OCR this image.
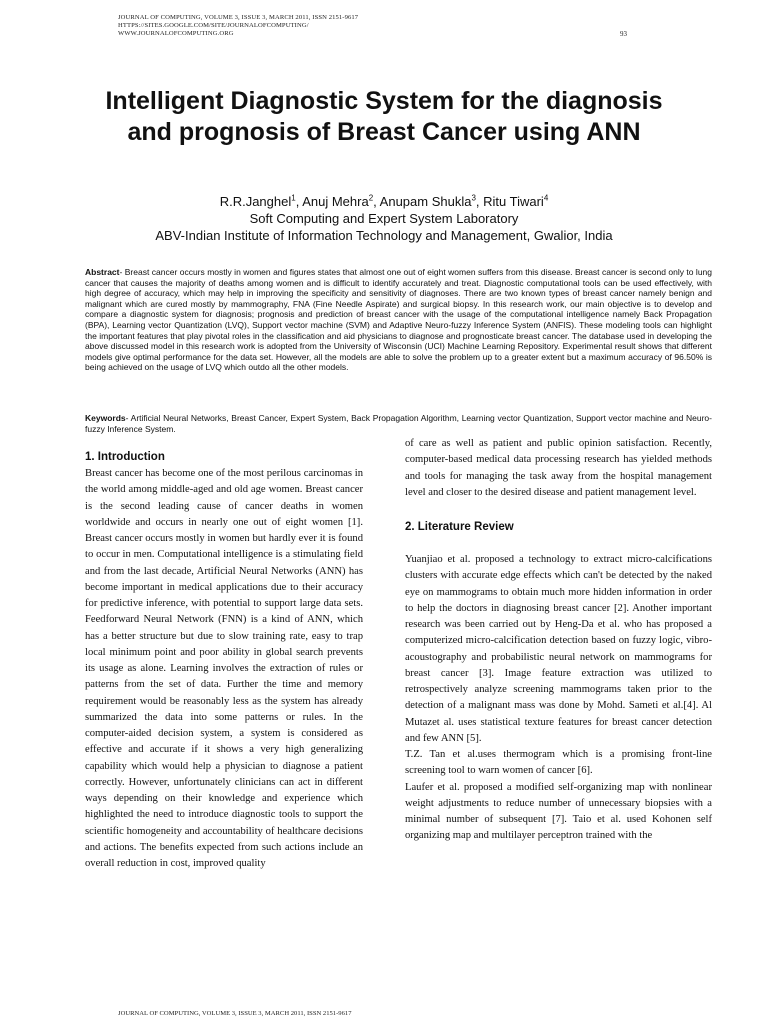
JOURNAL OF COMPUTING, VOLUME 3, ISSUE 3, MARCH 2011, ISSN 2151-9617
HTTPS://SITES.GOOGLE.COM/SITE/JOURNALOFCOMPUTING/
WWW.JOURNALOFCOMPUTING.ORG	93
Intelligent Diagnostic System for the diagnosis and prognosis of Breast Cancer using ANN
R.R.Janghel$^1$, Anuj Mehra$^2$, Anupam Shukla$^3$, Ritu Tiwari$^4$
Soft Computing and Expert System Laboratory
ABV-Indian Institute of Information Technology and Management, Gwalior, India

Abstract- Breast cancer occurs mostly in women and figures states that almost one out of eight women suffers from this disease. Breast cancer is second only to lung cancer that causes the majority of deaths among women and is difficult to identify accurately and treat. Diagnostic computational tools can be used effectively, with high degree of accuracy, which may help in improving the specificity and sensitivity of diagnoses. There are two known types of breast cancer namely benign and malignant which are cured mostly by mammography, FNA (Fine Needle Aspirate) and surgical biopsy. In this research work, our main objective is to develop and compare a diagnostic system for diagnosis; prognosis and prediction of breast cancer with the usage of the computational intelligence namely Back Propagation (BPA), Learning vector Quantization (LVQ), Support vector machine (SVM) and Adaptive Neuro-fuzzy Inference System (ANFIS). These modeling tools can highlight the important features that play pivotal roles in the classification and aid physicians to diagnose and prognosticate breast cancer. The database used in developing the above discussed model in this research work is adopted from the University of Wisconsin (UCI) Machine Learning Repository. Experimental result shows that different models give optimal performance for the data set. However, all the models are able to solve the problem up to a greater extent but a maximum accuracy of 96.50% is being achieved on the usage of LVQ which outdo all the other models.

Keywords- Artificial Neural Networks, Breast Cancer, Expert System, Back Propagation Algorithm, Learning vector Quantization, Support vector machine and Neuro-fuzzy Inference System.

1. Introduction

Breast cancer has become one of the most perilous carcinomas in the world among middle-aged and old age women. Breast cancer is the second leading cause of cancer deaths in women worldwide and occurs in nearly one out of eight women [1]. Breast cancer occurs mostly in women but hardly ever it is found to occur in men. Computational intelligence is a stimulating field and from the last decade, Artificial Neural Networks (ANN) has become important in medical applications due to their accuracy for predictive inference, with potential to support large data sets. Feedforward Neural Network (FNN) is a kind of ANN, which has a better structure but due to slow training rate, easy to trap local minimum point and poor ability in global search prevents its usage as alone. Learning involves the extraction of rules or patterns from the set of data. Further the time and memory requirement would be reasonably less as the system has already summarized the data into some patterns or rules. In the computer-aided decision system, a system is considered as effective and accurate if it shows a very high generalizing capability which would help a physician to diagnose a patient correctly. However, unfortunately clinicians can act in different ways depending on their knowledge and experience which highlighted the need to introduce diagnostic tools to support the scientific homogeneity and accountability of healthcare decisions and actions. The benefits expected from such actions include an overall reduction in cost, improved quality

of care as well as patient and public opinion satisfaction. Recently, computer-based medical data processing research has yielded methods and tools for managing the task away from the hospital management level and closer to the desired disease and patient management level.

2. Literature Review

Yuanjiao et al. proposed a technology to extract micro-calcifications clusters with accurate edge effects which can't be detected by the naked eye on mammograms to obtain much more hidden information in order to help the doctors in diagnosing breast cancer [2]. Another important research was been carried out by Heng-Da et al. who has proposed a computerized micro-calcification detection based on fuzzy logic, vibro-acoustography and probabilistic neural network on mammograms for breast cancer [3]. Image feature extraction was utilized to retrospectively analyze screening mammograms taken prior to the detection of a malignant mass was done by Mohd. Sameti et al.[4]. Al Mutazet al. uses statistical texture features for breast cancer detection and few ANN [5].

T.Z. Tan et al.uses thermogram which is a promising front-line screening tool to warn women of cancer [6].

Laufer et al. proposed a modified self-organizing map with nonlinear weight adjustments to reduce number of unnecessary biopsies with a minimal number of subsequent [7]. Taio et al. used Kohonen self organizing map and multilayer perceptron trained with the

JOURNAL OF COMPUTING, VOLUME 3, ISSUE 3, MARCH 2011, ISSN 2151-9617
